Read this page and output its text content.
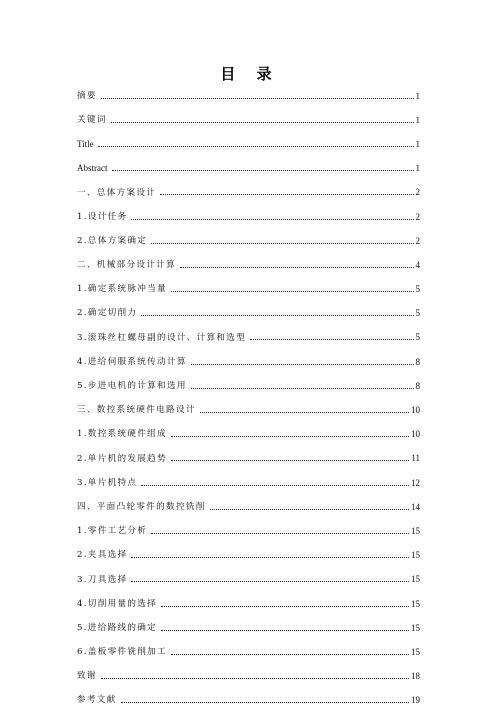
目 录
摘要	1
关键词	1
Title	1
Abstract	1
一、总体方案设计	2
1.设计任务	2
2.总体方案确定	2
二、机械部分设计计算	4
1.确定系统脉冲当量	5
2.确定切削力	5
3.滚珠丝杠螺母副的设计、计算和选型	5
4.进给伺服系统传动计算	8
5.步进电机的计算和选用	8
三、数控系统硬件电路设计	10
1.数控系统硬件组成	10
2.单片机的发展趋势	11
3.单片机特点	12
四、平面凸轮零件的数控铣削	14
1.零件工艺分析	15
2.夹具选择	15
3.刀具选择	15
4.切削用量的选择	15
5.进给路线的确定	15
6.盖板零件铣削加工	15
致谢	18
参考文献	19
